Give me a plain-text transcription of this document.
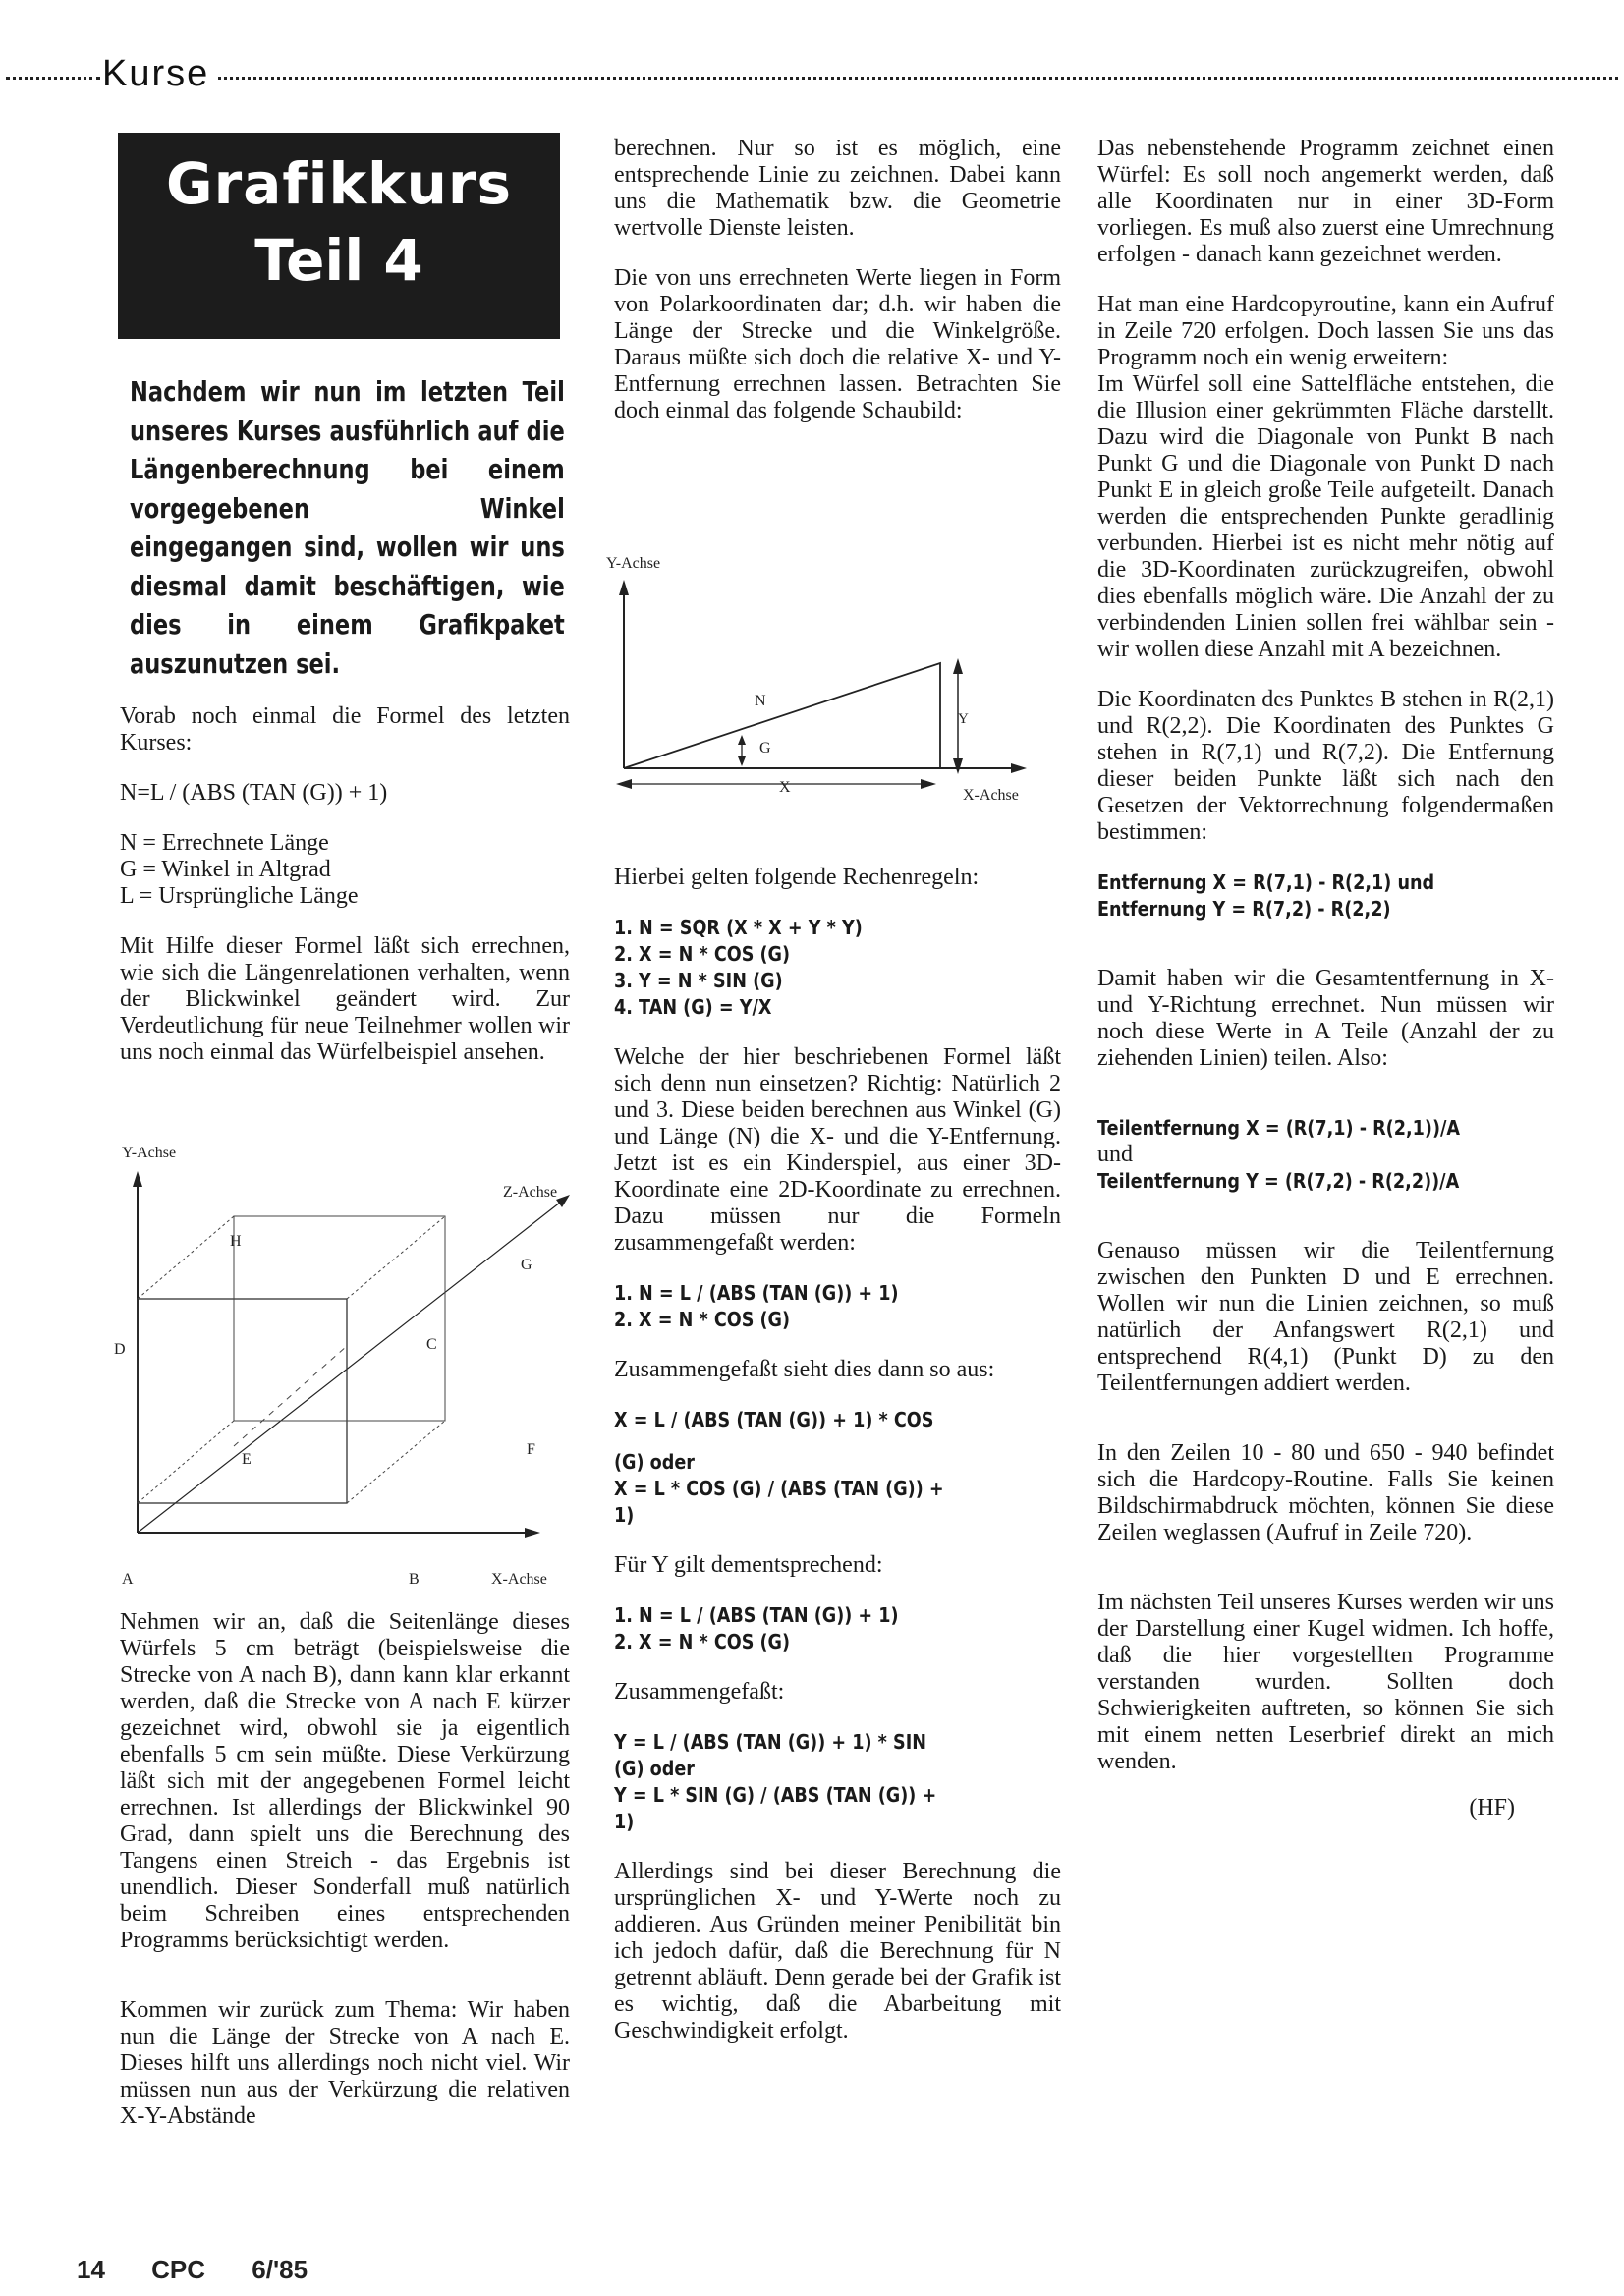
Kurse
Grafikkurs
Teil 4
Nachdem wir nun im letzten Teil unseres Kurses ausführlich auf die Längenberechnung bei einem vorgegebenen Winkel eingegangen sind, wollen wir uns diesmal damit beschäftigen, wie dies in einem Grafikpaket auszunutzen sei.

Vorab noch einmal die Formel des letzten Kurses:

N=L / (ABS (TAN (G)) + 1)

N = Errechnete Länge
G = Winkel in Altgrad
L = Ursprüngliche Länge

Mit Hilfe dieser Formel läßt sich errechnen, wie sich die Längenrelationen verhalten, wenn der Blickwinkel geändert wird. Zur Verdeutlichung für neue Teilnehmer wollen wir uns noch einmal das Würfelbeispiel ansehen.

Y-Achse
X-Achse
Z-Achse
H
G
D	C
E
F
A	B

Nehmen wir an, daß die Seitenlänge dieses Würfels 5 cm beträgt (beispielsweise die Strecke von A nach B), dann kann klar erkannt werden, daß die Strecke von A nach E kürzer gezeichnet wird, obwohl sie ja eigentlich ebenfalls 5 cm sein müßte. Diese Verkürzung läßt sich mit der angegebenen Formel leicht errechnen. Ist allerdings der Blickwinkel 90 Grad, dann spielt uns die Berechnung des Tangens einen Streich - das Ergebnis ist unendlich. Dieser Sonderfall muß natürlich beim Schreiben eines entsprechenden Programms berücksichtigt werden.

Kommen wir zurück zum Thema: Wir haben nun die Länge der Strecke von A nach E. Dieses hilft uns allerdings noch nicht viel. Wir müssen nun aus der Verkürzung die relativen X-Y-Abstände

berechnen. Nur so ist es möglich, eine entsprechende Linie zu zeichnen. Dabei kann uns die Mathematik bzw. die Geometrie wertvolle Dienste leisten.

Die von uns errechneten Werte liegen in Form von Polarkoordinaten dar; d.h. wir haben die Länge der Strecke und die Winkelgröße. Daraus müßte sich doch die relative X- und Y-Entfernung errechnen lassen. Betrachten Sie doch einmal das folgende Schaubild:

Y-Achse
Y
X
G
N
X-Achse

Hierbei gelten folgende Rechenregeln:

1. N = SQR (X * X + Y * Y)
2. X = N * COS (G)
3. Y = N * SIN (G)
4. TAN (G) = Y/X

Welche der hier beschriebenen Formel läßt sich denn nun einsetzen? Richtig: Natürlich 2 und 3. Diese beiden berechnen aus Winkel (G) und Länge (N) die X- und die Y-Entfernung. Jetzt ist es ein Kinderspiel, aus einer 3D-Koordinate eine 2D-Koordinate zu errechnen. Dazu müssen nur die Formeln zusammengefaßt werden:

1. N = L / (ABS (TAN (G)) + 1)
2. X = N * COS (G)

Zusammengefaßt sieht dies dann so aus:

X = L / (ABS (TAN (G)) + 1) * COS
(G) oder
X = L * COS (G) / (ABS (TAN (G)) +
1)

Für Y gilt dementsprechend:

1. N = L / (ABS (TAN (G)) + 1)
2. X = N * COS (G)

Zusammengefaßt:

Y = L / (ABS (TAN (G)) + 1) * SIN
(G) oder
Y = L * SIN (G) / (ABS (TAN (G)) +
1)

Allerdings sind bei dieser Berechnung die ursprünglichen X- und Y-Werte noch zu addieren. Aus Gründen meiner Penibilität bin ich jedoch dafür, daß die Berechnung für N getrennt abläuft. Denn gerade bei der Grafik ist es wichtig, daß die Abarbeitung mit Geschwindigkeit erfolgt.

Das nebenstehende Programm zeichnet einen Würfel: Es soll noch angemerkt werden, daß alle Koordinaten nur in einer 3D-Form vorliegen. Es muß also zuerst eine Umrechnung erfolgen - danach kann gezeichnet werden.

Hat man eine Hardcopyroutine, kann ein Aufruf in Zeile 720 erfolgen. Doch lassen Sie uns das Programm noch ein wenig erweitern:

Im Würfel soll eine Sattelfläche entstehen, die die Illusion einer gekrümmten Fläche darstellt. Dazu wird die Diagonale von Punkt B nach Punkt G und die Diagonale von Punkt D nach Punkt E in gleich große Teile aufgeteilt. Danach werden die entsprechenden Punkte geradlinig verbunden. Hierbei ist es nicht mehr nötig auf die 3D-Koordinaten zurückzugreifen, obwohl dies ebenfalls möglich wäre. Die Anzahl der zu verbindenden Linien sollen frei wählbar sein - wir wollen diese Anzahl mit A bezeichnen.

Die Koordinaten des Punktes B stehen in R(2,1) und R(2,2). Die Koordinaten des Punktes G stehen in R(7,1) und R(7,2). Die Entfernung dieser beiden Punkte läßt sich nach den Gesetzen der Vektorrechnung folgendermaßen bestimmen:

Entfernung X = R(7,1) - R(2,1) und
Entfernung Y = R(7,2) - R(2,2)

Damit haben wir die Gesamtentfernung in X- und Y-Richtung errechnet. Nun müssen wir noch diese Werte in A Teile (Anzahl der zu ziehenden Linien) teilen. Also:

Teilentfernung X = (R(7,1) - R(2,1))/A
und
Teilentfernung Y = (R(7,2) - R(2,2))/A

Genauso müssen wir die Teilentfernung zwischen den Punkten D und E errechnen. Wollen wir nun die Linien zeichnen, so muß natürlich der Anfangswert R(2,1) und entsprechend R(4,1) (Punkt D) zu den Teilentfernungen addiert werden.

In den Zeilen 10 - 80 und 650 - 940 befindet sich die Hardcopy-Routine. Falls Sie keinen Bildschirmabdruck möchten, können Sie diese Zeilen weglassen (Aufruf in Zeile 720).

Im nächsten Teil unseres Kurses werden wir uns der Darstellung einer Kugel widmen. Ich hoffe, daß die hier vorgestellten Programme verstanden wurden. Sollten doch Schwierigkeiten auftreten, so können Sie sich mit einem netten Leserbrief direkt an mich wenden.

(HF)
14 CPC 6/'85
